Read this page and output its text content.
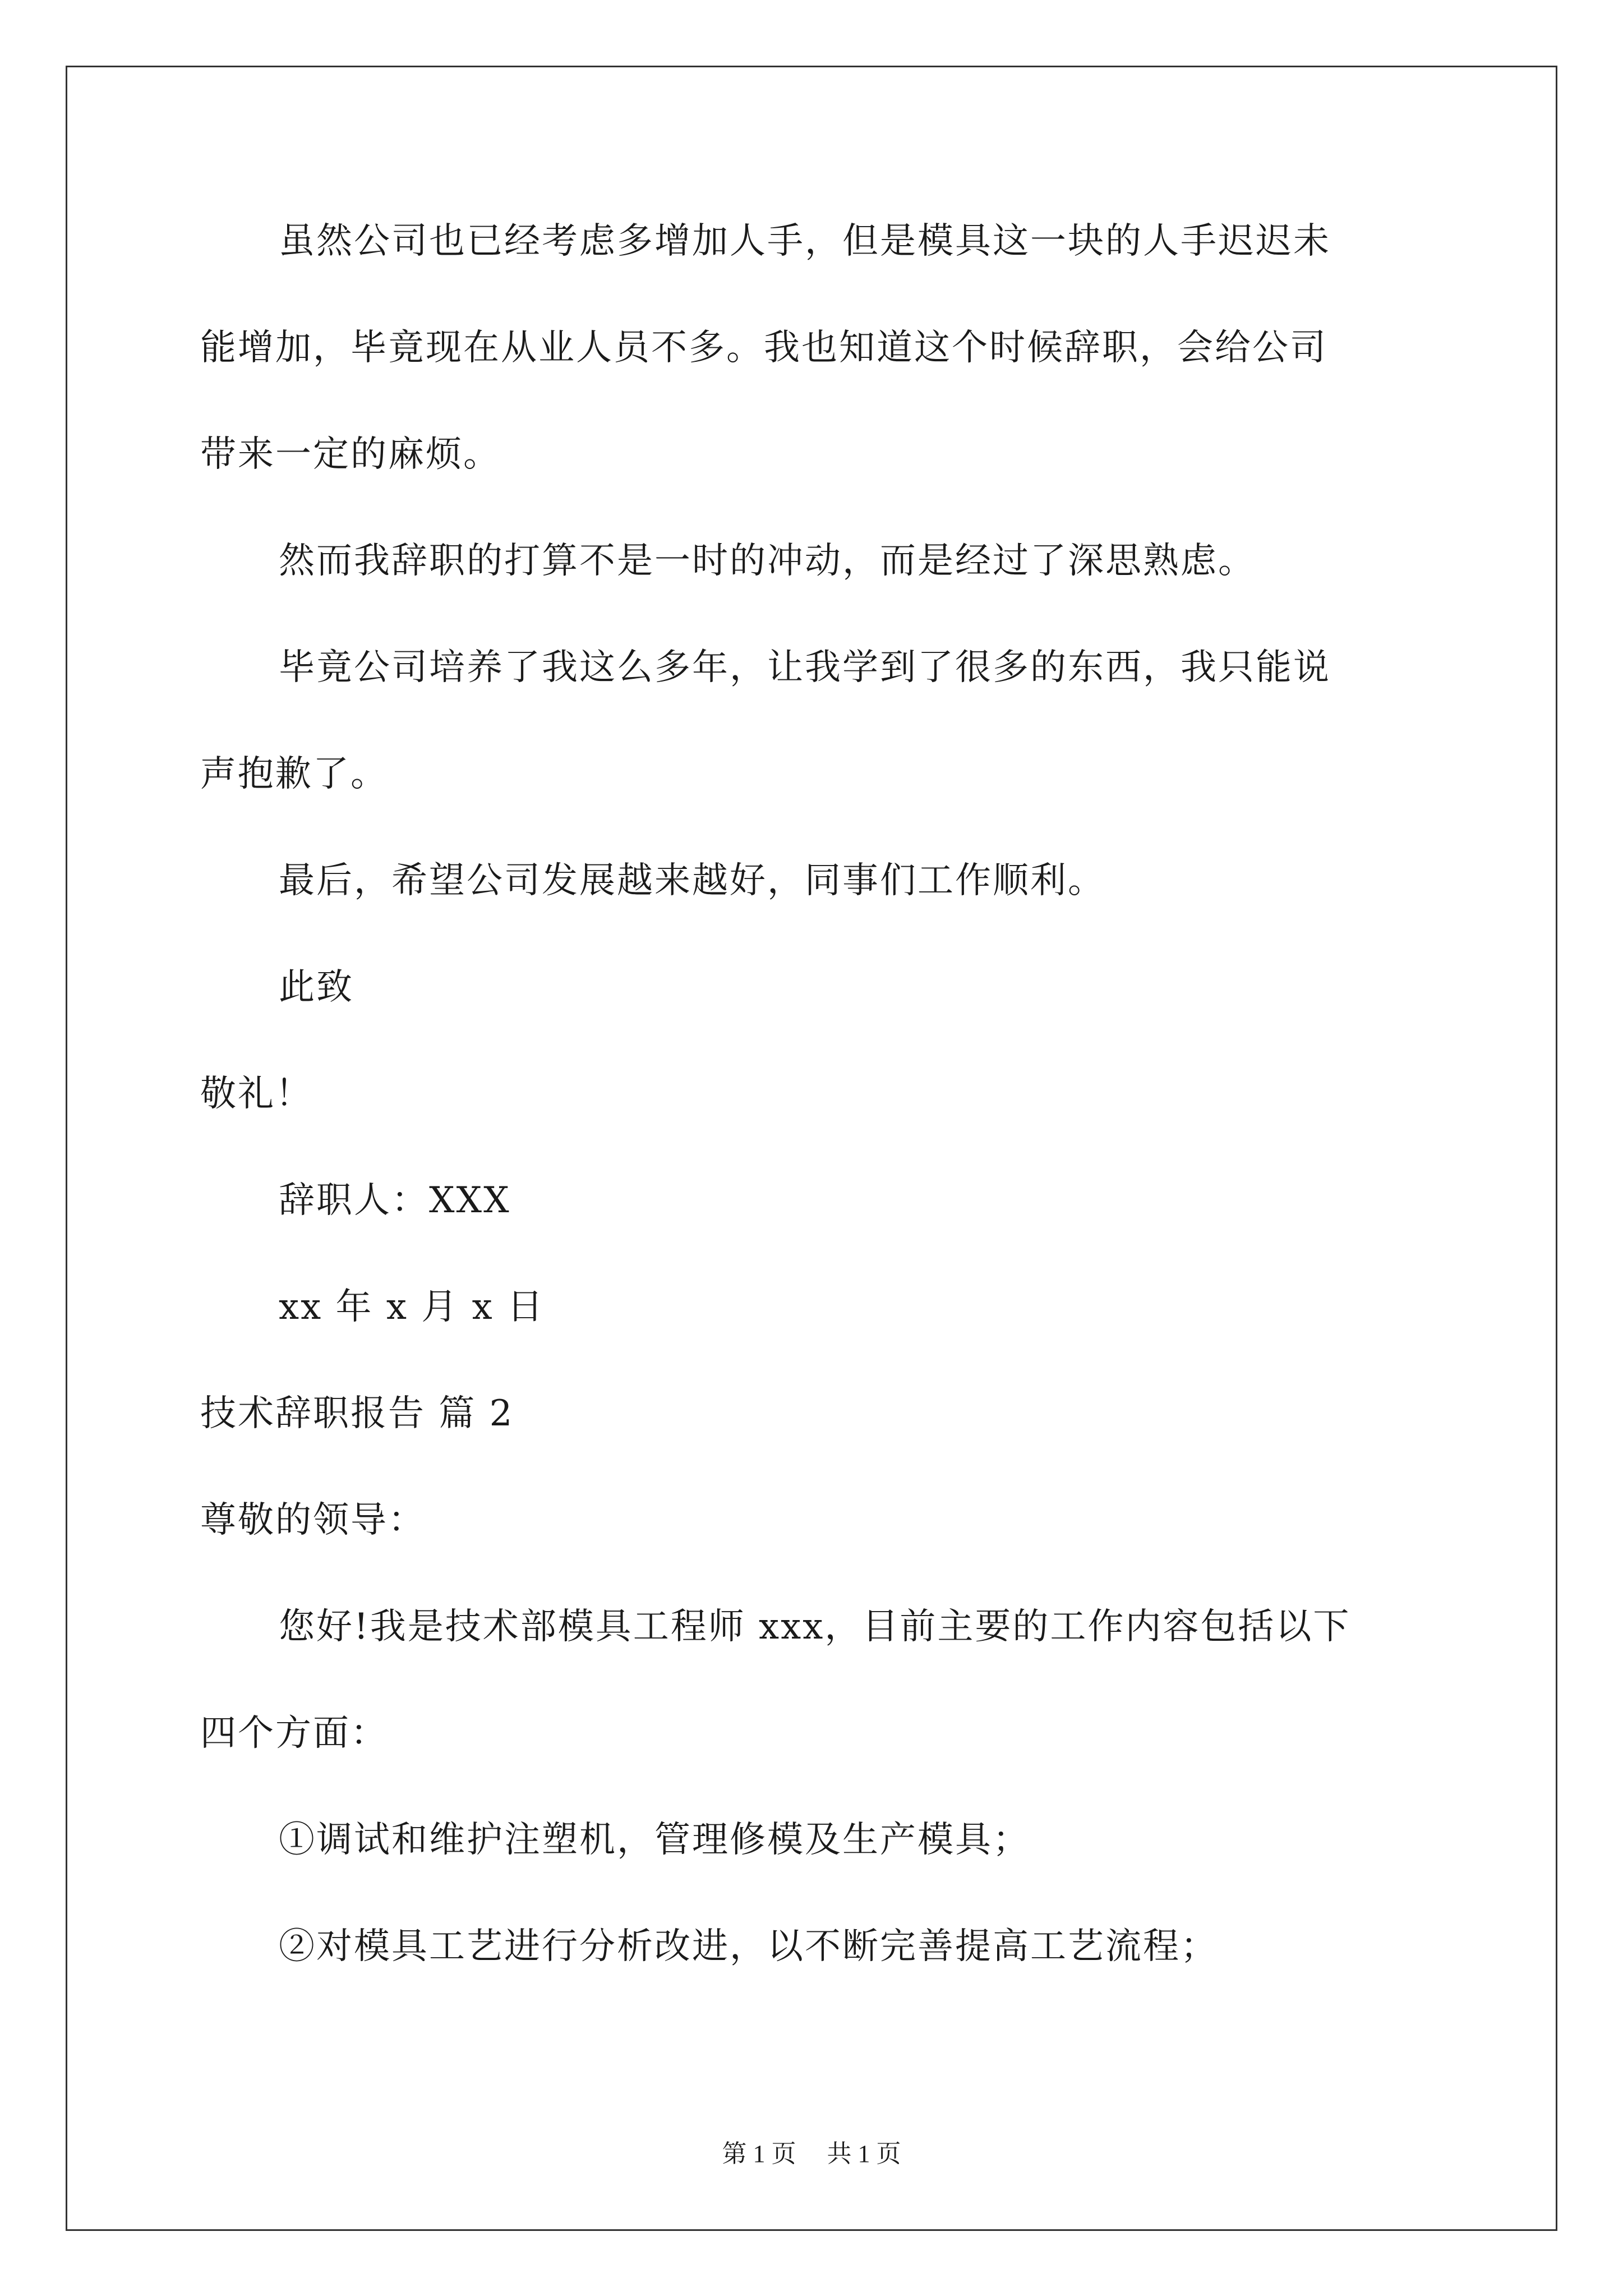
虽然公司也已经考虑多增加人手，但是模具这一块的人手迟迟未
能增加，毕竟现在从业人员不多。我也知道这个时候辞职，会给公司
带来一定的麻烦。
然而我辞职的打算不是一时的冲动，而是经过了深思熟虑。
毕竟公司培养了我这么多年，让我学到了很多的东西，我只能说
声抱歉了。
最后，希望公司发展越来越好，同事们工作顺利。
此致
敬礼！
辞职人：XXX
xx 年 x 月 x 日
技术辞职报告 篇 2
尊敬的领导：
您好!我是技术部模具工程师 xxx，目前主要的工作内容包括以下
四个方面：
①调试和维护注塑机，管理修模及生产模具；
②对模具工艺进行分析改进，以不断完善提高工艺流程；
第 1 页 共 1 页
